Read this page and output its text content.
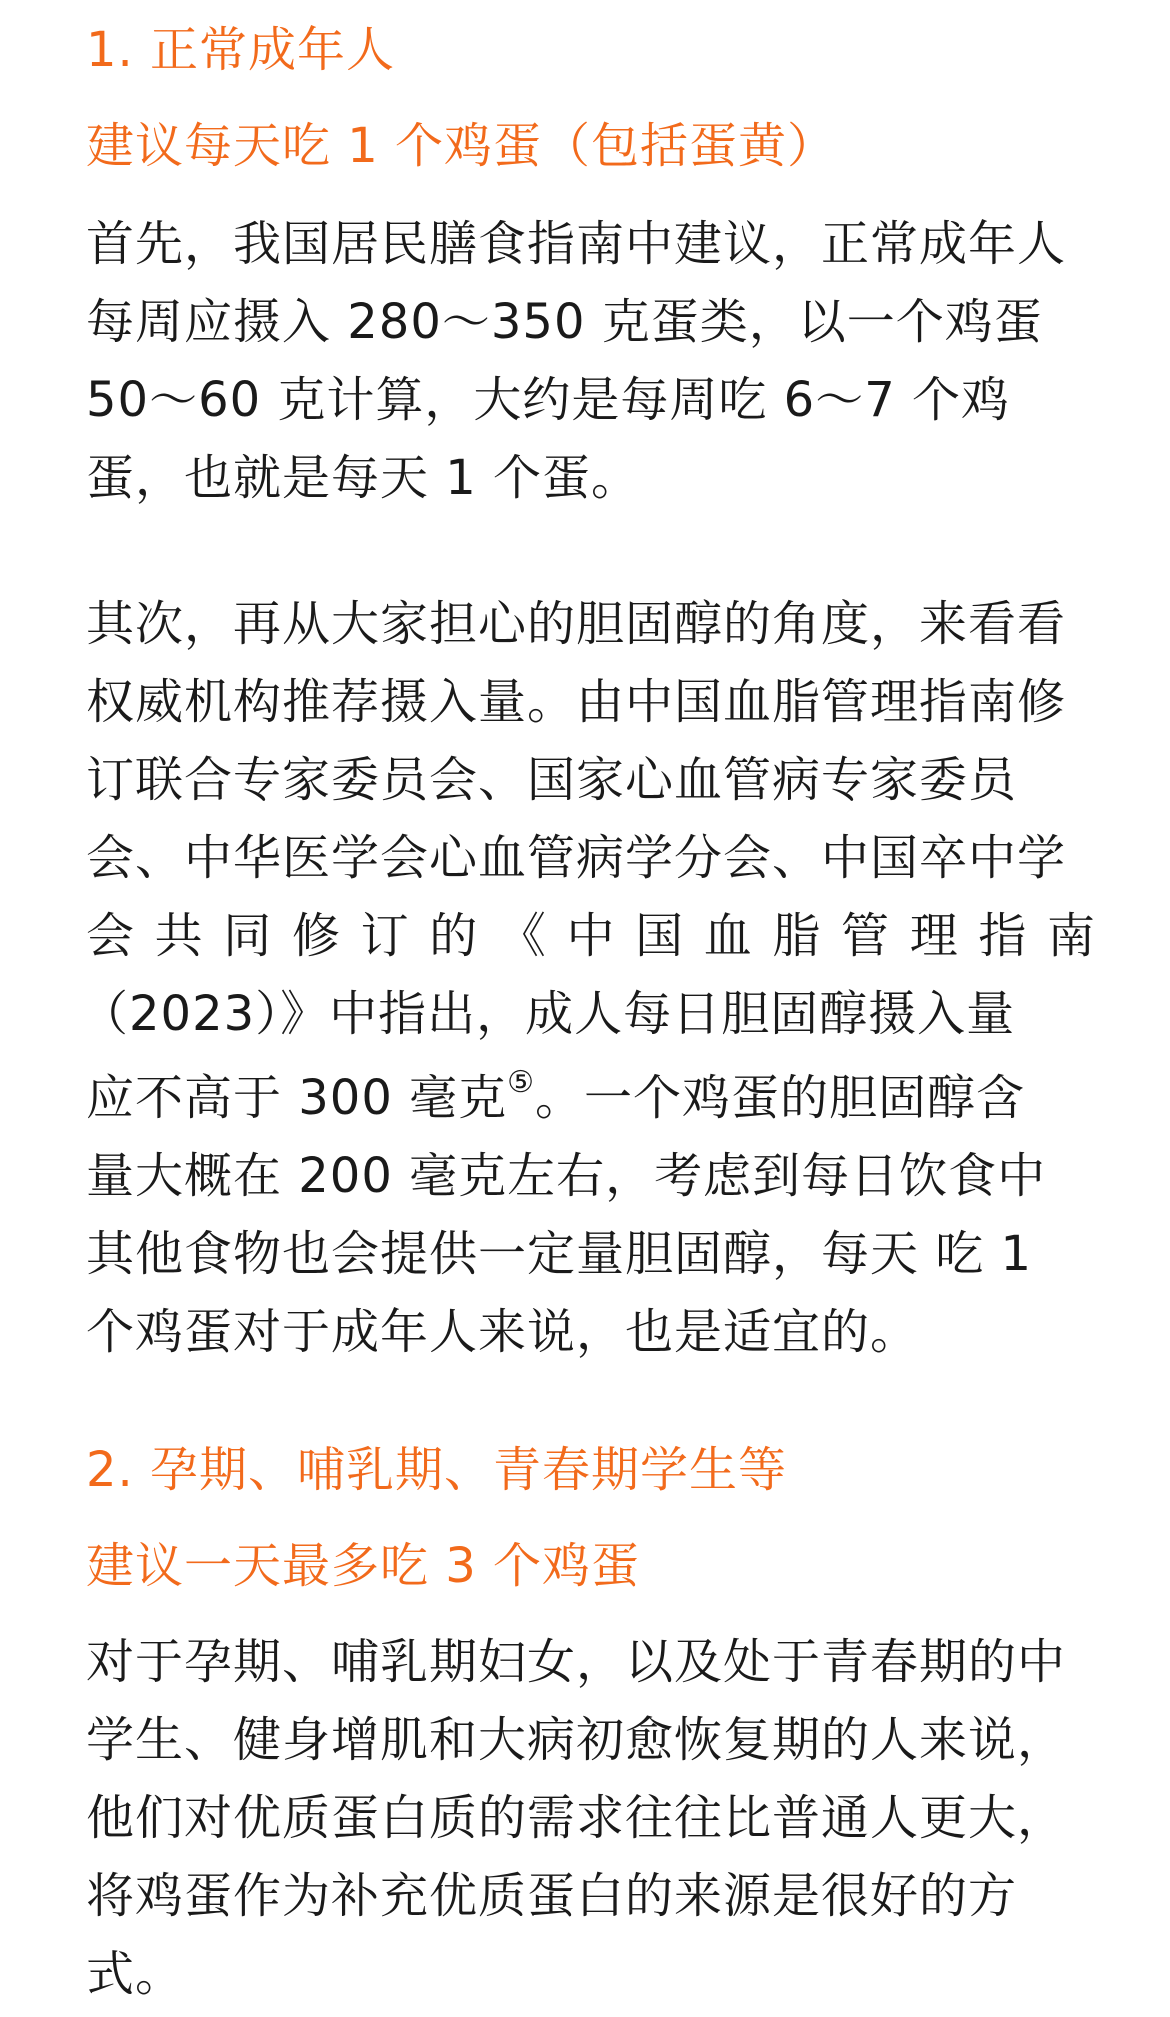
1. 正常成年人
建议每天吃 1 个鸡蛋（包括蛋黄）
首先，我国居民膳食指南中建议，正常成年人
每周应摄入 280～350 克蛋类，以一个鸡蛋
50～60 克计算，大约是每周吃 6～7 个鸡
蛋，也就是每天 1 个蛋。
其次，再从大家担心的胆固醇的角度，来看看
权威机构推荐摄入量。由中国血脂管理指南修
订联合专家委员会、国家心血管病专家委员
会、中华医学会心血管病学分会、中国卒中学
会共同修订的《中国血脂管理指南
（2023）》中指出，成人每日胆固醇摄入量
应不高于 300 毫克⑤。一个鸡蛋的胆固醇含
量大概在 200 毫克左右，考虑到每日饮食中
其他食物也会提供一定量胆固醇，每天 吃 1
个鸡蛋对于成年人来说，也是适宜的。
2. 孕期、哺乳期、青春期学生等
建议一天最多吃 3 个鸡蛋
对于孕期、哺乳期妇女，以及处于青春期的中
学生、健身增肌和大病初愈恢复期的人来说，
他们对优质蛋白质的需求往往比普通人更大，
将鸡蛋作为补充优质蛋白的来源是很好的方
式。
